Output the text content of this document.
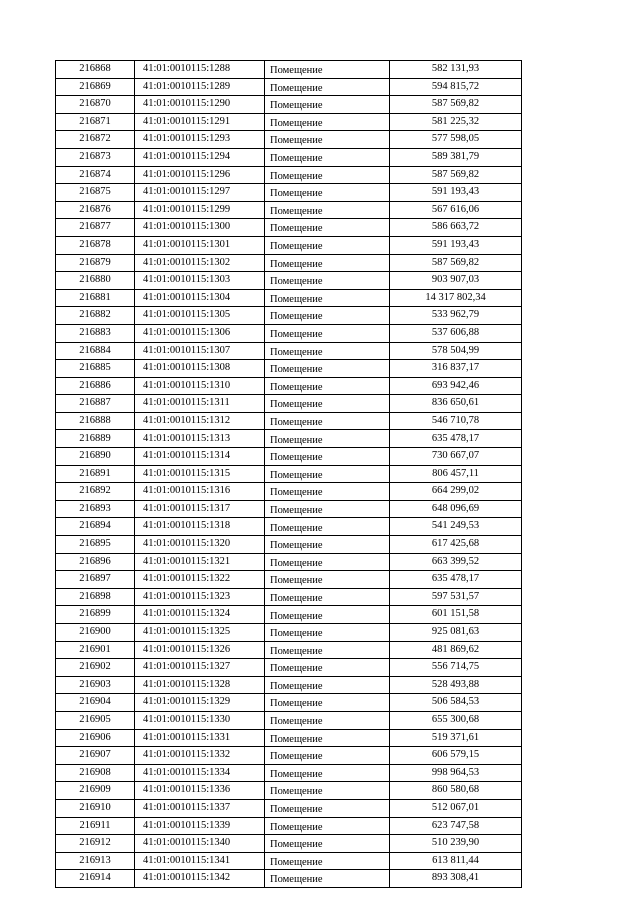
216868	41:01:0010115:1288	Помещение	582 131,93
216869	41:01:0010115:1289	Помещение	594 815,72
216870	41:01:0010115:1290	Помещение	587 569,82
216871	41:01:0010115:1291	Помещение	581 225,32
216872	41:01:0010115:1293	Помещение	577 598,05
216873	41:01:0010115:1294	Помещение	589 381,79
216874	41:01:0010115:1296	Помещение	587 569,82
216875	41:01:0010115:1297	Помещение	591 193,43
216876	41:01:0010115:1299	Помещение	567 616,06
216877	41:01:0010115:1300	Помещение	586 663,72
216878	41:01:0010115:1301	Помещение	591 193,43
216879	41:01:0010115:1302	Помещение	587 569,82
216880	41:01:0010115:1303	Помещение	903 907,03
216881	41:01:0010115:1304	Помещение	14 317 802,34
216882	41:01:0010115:1305	Помещение	533 962,79
216883	41:01:0010115:1306	Помещение	537 606,88
216884	41:01:0010115:1307	Помещение	578 504,99
216885	41:01:0010115:1308	Помещение	316 837,17
216886	41:01:0010115:1310	Помещение	693 942,46
216887	41:01:0010115:1311	Помещение	836 650,61
216888	41:01:0010115:1312	Помещение	546 710,78
216889	41:01:0010115:1313	Помещение	635 478,17
216890	41:01:0010115:1314	Помещение	730 667,07
216891	41:01:0010115:1315	Помещение	806 457,11
216892	41:01:0010115:1316	Помещение	664 299,02
216893	41:01:0010115:1317	Помещение	648 096,69
216894	41:01:0010115:1318	Помещение	541 249,53
216895	41:01:0010115:1320	Помещение	617 425,68
216896	41:01:0010115:1321	Помещение	663 399,52
216897	41:01:0010115:1322	Помещение	635 478,17
216898	41:01:0010115:1323	Помещение	597 531,57
216899	41:01:0010115:1324	Помещение	601 151,58
216900	41:01:0010115:1325	Помещение	925 081,63
216901	41:01:0010115:1326	Помещение	481 869,62
216902	41:01:0010115:1327	Помещение	556 714,75
216903	41:01:0010115:1328	Помещение	528 493,88
216904	41:01:0010115:1329	Помещение	506 584,53
216905	41:01:0010115:1330	Помещение	655 300,68
216906	41:01:0010115:1331	Помещение	519 371,61
216907	41:01:0010115:1332	Помещение	606 579,15
216908	41:01:0010115:1334	Помещение	998 964,53
216909	41:01:0010115:1336	Помещение	860 580,68
216910	41:01:0010115:1337	Помещение	512 067,01
216911	41:01:0010115:1339	Помещение	623 747,58
216912	41:01:0010115:1340	Помещение	510 239,90
216913	41:01:0010115:1341	Помещение	613 811,44
216914	41:01:0010115:1342	Помещение	893 308,41
